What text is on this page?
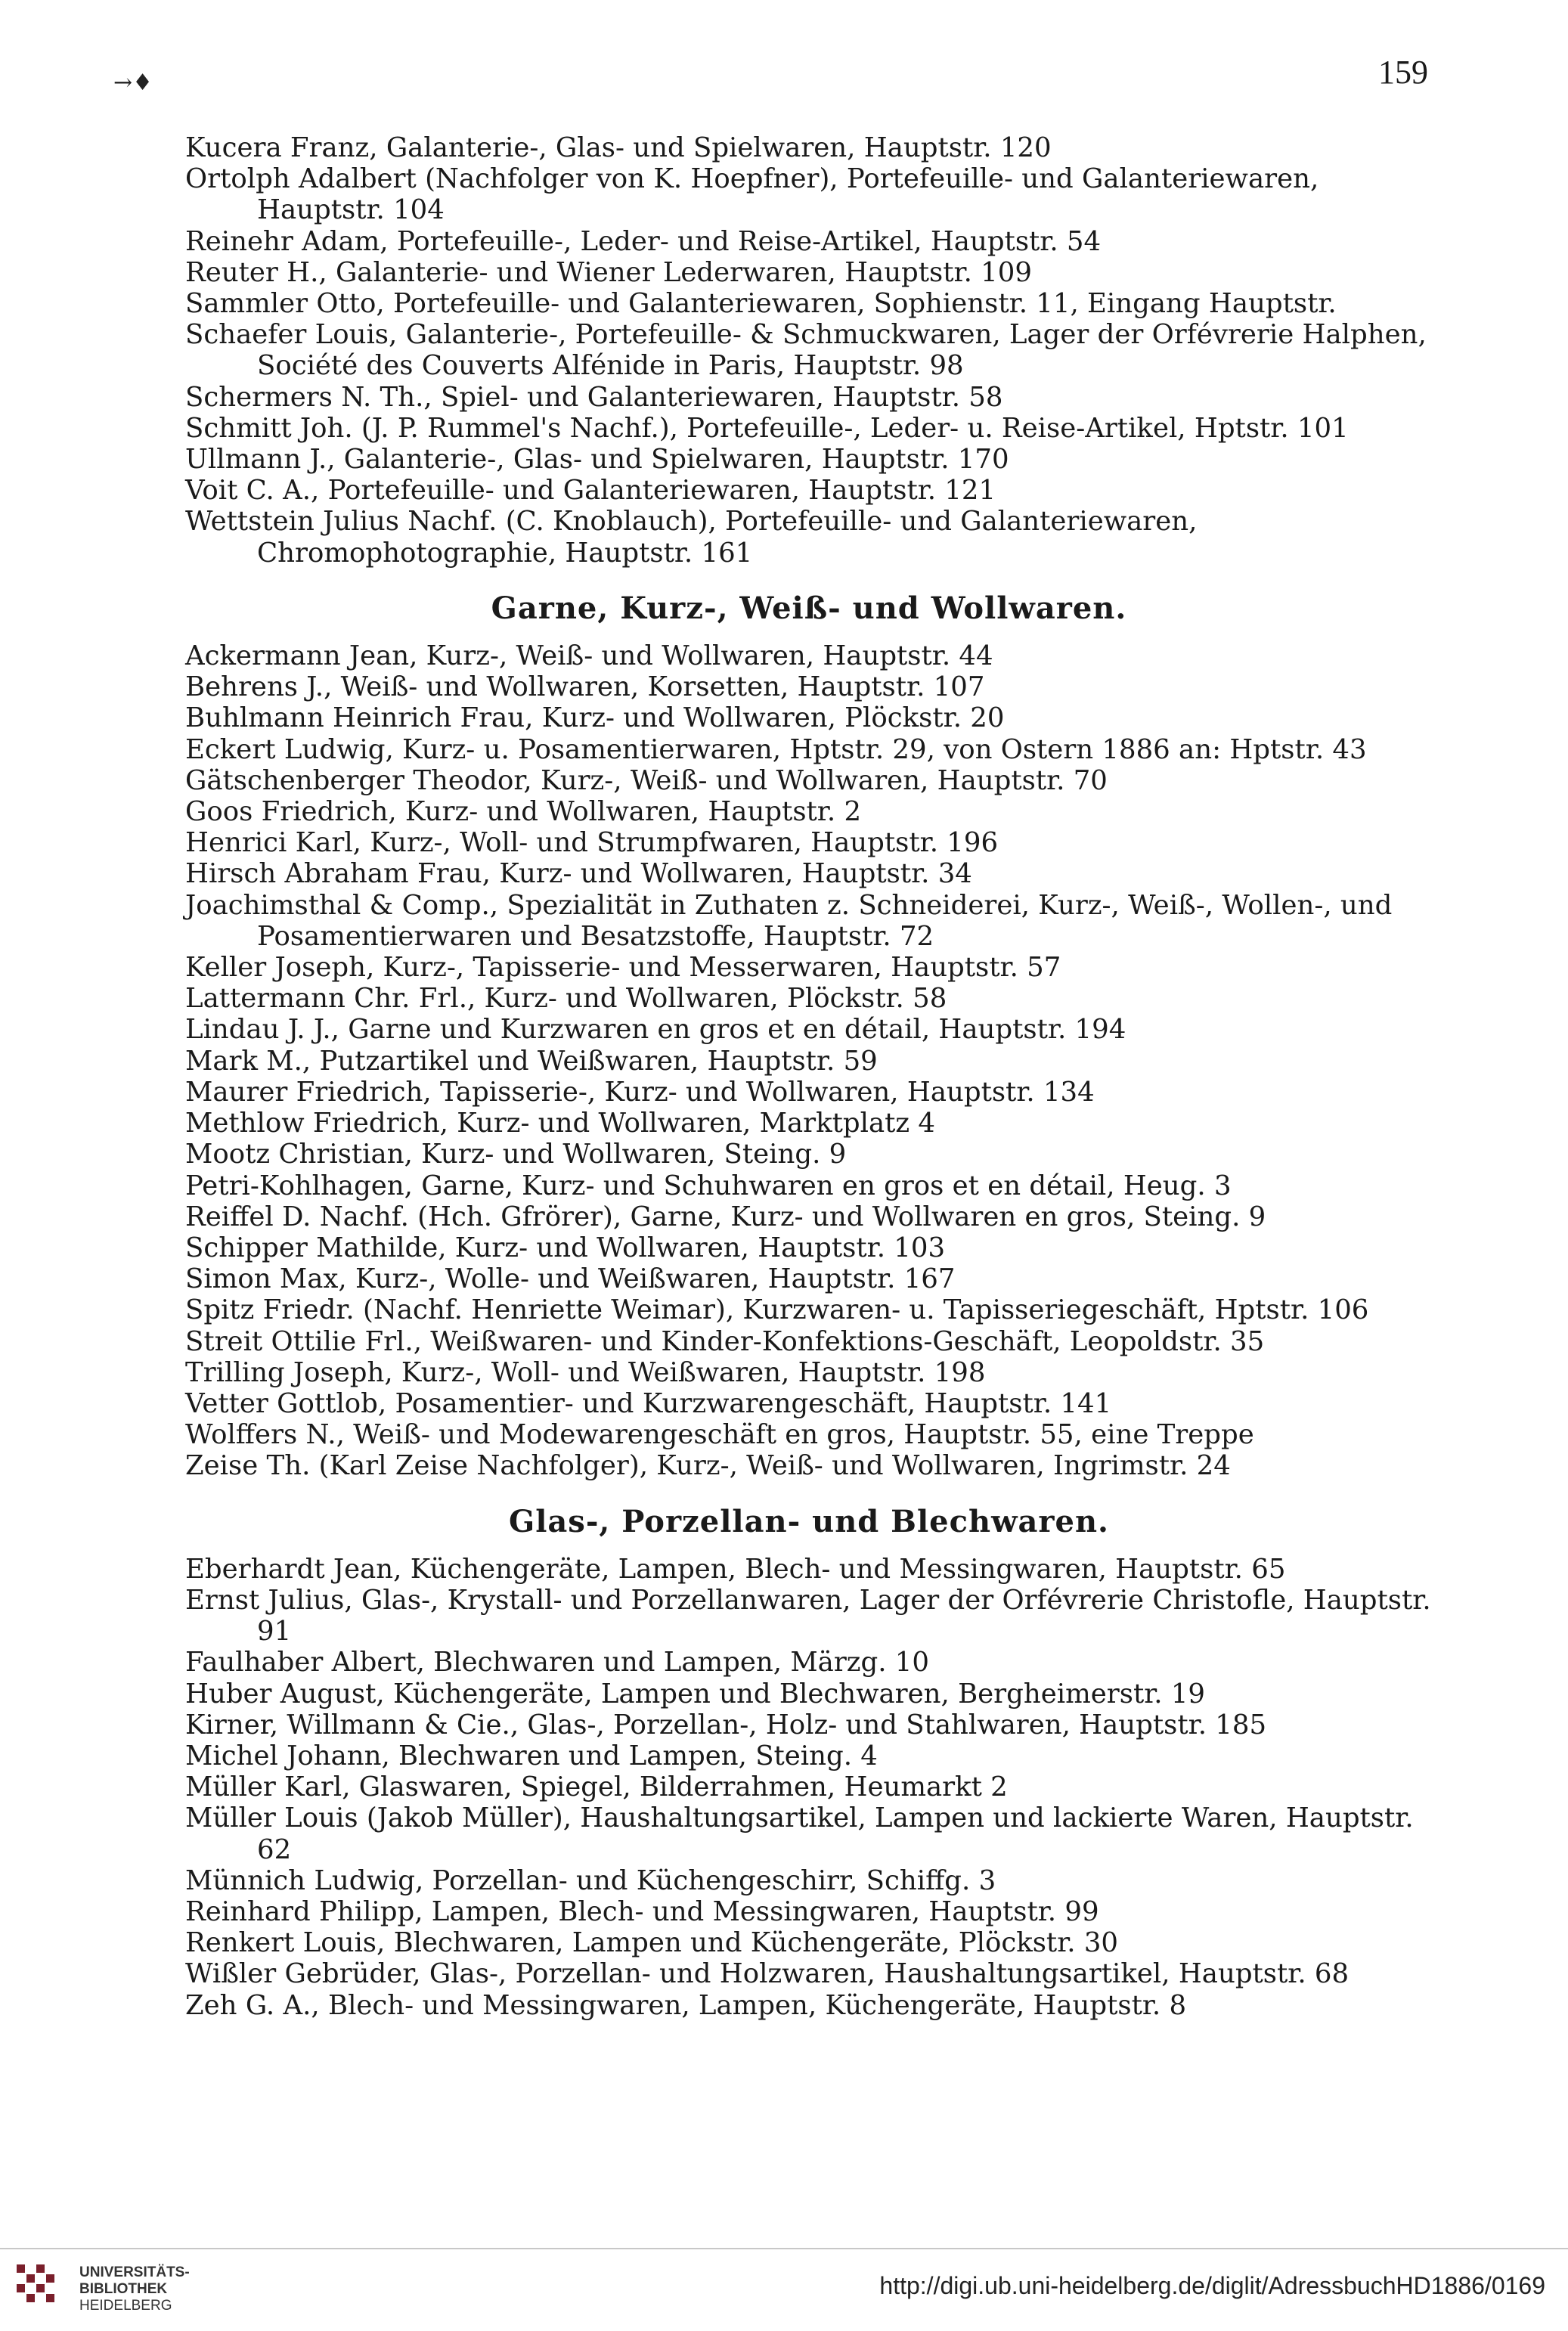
→♦	159
Kucera Franz, Galanterie-, Glas- und Spielwaren, Hauptstr. 120
Ortolph Adalbert (Nachfolger von K. Hoepfner), Portefeuille- und Galanteriewaren, Hauptstr. 104
Reinehr Adam, Portefeuille-, Leder- und Reise-Artikel, Hauptstr. 54
Reuter H., Galanterie- und Wiener Lederwaren, Hauptstr. 109
Sammler Otto, Portefeuille- und Galanteriewaren, Sophienstr. 11, Eingang Hauptstr.
Schaefer Louis, Galanterie-, Portefeuille- & Schmuckwaren, Lager der Orfévrerie Halphen, Société des Couverts Alfénide in Paris, Hauptstr. 98
Schermers N. Th., Spiel- und Galanteriewaren, Hauptstr. 58
Schmitt Joh. (J. P. Rummel's Nachf.), Portefeuille-, Leder- u. Reise-Artikel, Hptstr. 101
Ullmann J., Galanterie-, Glas- und Spielwaren, Hauptstr. 170
Voit C. A., Portefeuille- und Galanteriewaren, Hauptstr. 121
Wettstein Julius Nachf. (C. Knoblauch), Portefeuille- und Galanteriewaren, Chromophotographie, Hauptstr. 161
Garne, Kurz-, Weiß- und Wollwaren.
Ackermann Jean, Kurz-, Weiß- und Wollwaren, Hauptstr. 44
Behrens J., Weiß- und Wollwaren, Korsetten, Hauptstr. 107
Buhlmann Heinrich Frau, Kurz- und Wollwaren, Plöckstr. 20
Eckert Ludwig, Kurz- u. Posamentierwaren, Hptstr. 29, von Ostern 1886 an: Hptstr. 43
Gätschenberger Theodor, Kurz-, Weiß- und Wollwaren, Hauptstr. 70
Goos Friedrich, Kurz- und Wollwaren, Hauptstr. 2
Henrici Karl, Kurz-, Woll- und Strumpfwaren, Hauptstr. 196
Hirsch Abraham Frau, Kurz- und Wollwaren, Hauptstr. 34
Joachimsthal & Comp., Spezialität in Zuthaten z. Schneiderei, Kurz-, Weiß-, Wollen-, und Posamentierwaren und Besatzstoffe, Hauptstr. 72
Keller Joseph, Kurz-, Tapisserie- und Messerwaren, Hauptstr. 57
Lattermann Chr. Frl., Kurz- und Wollwaren, Plöckstr. 58
Lindau J. J., Garne und Kurzwaren en gros et en détail, Hauptstr. 194
Mark M., Putzartikel und Weißwaren, Hauptstr. 59
Maurer Friedrich, Tapisserie-, Kurz- und Wollwaren, Hauptstr. 134
Methlow Friedrich, Kurz- und Wollwaren, Marktplatz 4
Mootz Christian, Kurz- und Wollwaren, Steing. 9
Petri-Kohlhagen, Garne, Kurz- und Schuhwaren en gros et en détail, Heug. 3
Reiffel D. Nachf. (Hch. Gfrörer), Garne, Kurz- und Wollwaren en gros, Steing. 9
Schipper Mathilde, Kurz- und Wollwaren, Hauptstr. 103
Simon Max, Kurz-, Wolle- und Weißwaren, Hauptstr. 167
Spitz Friedr. (Nachf. Henriette Weimar), Kurzwaren- u. Tapisseriegeschäft, Hptstr. 106
Streit Ottilie Frl., Weißwaren- und Kinder-Konfektions-Geschäft, Leopoldstr. 35
Trilling Joseph, Kurz-, Woll- und Weißwaren, Hauptstr. 198
Vetter Gottlob, Posamentier- und Kurzwarengeschäft, Hauptstr. 141
Wolffers N., Weiß- und Modewarengeschäft en gros, Hauptstr. 55, eine Treppe
Zeise Th. (Karl Zeise Nachfolger), Kurz-, Weiß- und Wollwaren, Ingrimstr. 24
Glas-, Porzellan- und Blechwaren.
Eberhardt Jean, Küchengeräte, Lampen, Blech- und Messingwaren, Hauptstr. 65
Ernst Julius, Glas-, Krystall- und Porzellanwaren, Lager der Orfévrerie Christofle, Hauptstr. 91
Faulhaber Albert, Blechwaren und Lampen, Märzg. 10
Huber August, Küchengeräte, Lampen und Blechwaren, Bergheimerstr. 19
Kirner, Willmann & Cie., Glas-, Porzellan-, Holz- und Stahlwaren, Hauptstr. 185
Michel Johann, Blechwaren und Lampen, Steing. 4
Müller Karl, Glaswaren, Spiegel, Bilderrahmen, Heumarkt 2
Müller Louis (Jakob Müller), Haushaltungsartikel, Lampen und lackierte Waren, Hauptstr. 62
Münnich Ludwig, Porzellan- und Küchengeschirr, Schiffg. 3
Reinhard Philipp, Lampen, Blech- und Messingwaren, Hauptstr. 99
Renkert Louis, Blechwaren, Lampen und Küchengeräte, Plöckstr. 30
Wißler Gebrüder, Glas-, Porzellan- und Holzwaren, Haushaltungsartikel, Hauptstr. 68
Zeh G. A., Blech- und Messingwaren, Lampen, Küchengeräte, Hauptstr. 8
UNIVERSITÄTS-
BIBLIOTHEK
HEIDELBERG
http://digi.ub.uni-heidelberg.de/diglit/AdressbuchHD1886/0169
